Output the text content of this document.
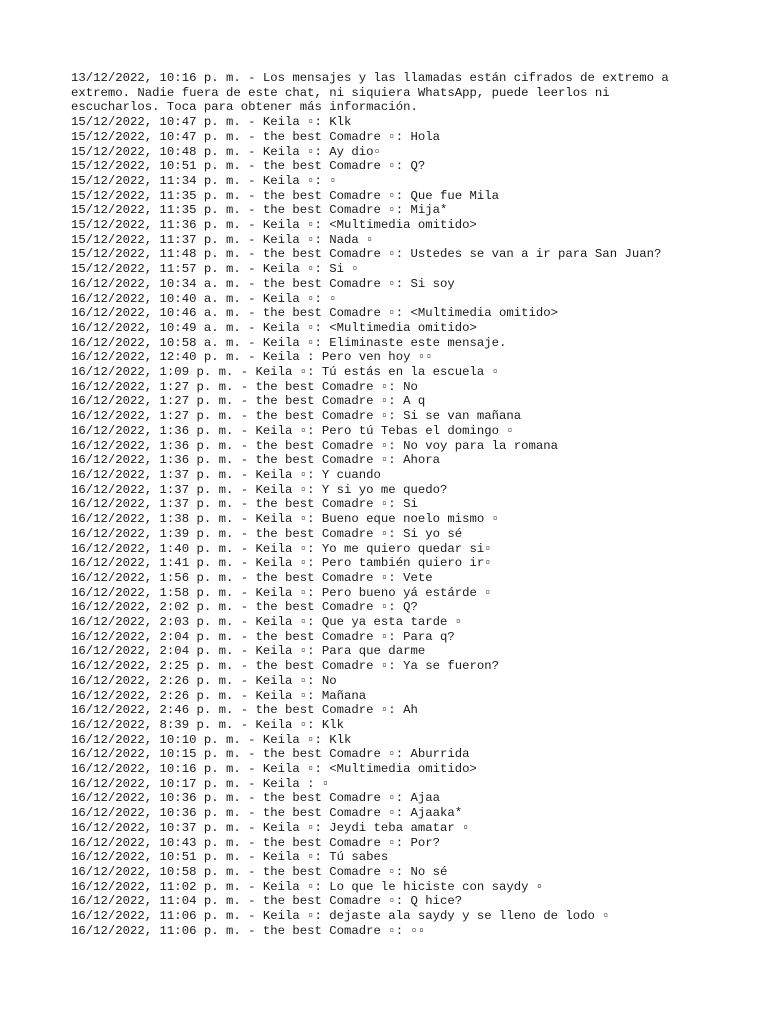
13/12/2022, 10:16 p. m. - Los mensajes y las llamadas están cifrados de extremo a extremo. Nadie fuera de este chat, ni siquiera WhatsApp, puede leerlos ni escucharlos. Toca para obtener más información.

15/12/2022, 10:47 p. m. - Keila ▫: Klk
15/12/2022, 10:47 p. m. - the best Comadre ▫: Hola
15/12/2022, 10:48 p. m. - Keila ▫: Ay dio▫
15/12/2022, 10:51 p. m. - the best Comadre ▫: Q?
15/12/2022, 11:34 p. m. - Keila ▫: ▫
15/12/2022, 11:35 p. m. - the best Comadre ▫: Que fue Mila
15/12/2022, 11:35 p. m. - the best Comadre ▫: Mija*
15/12/2022, 11:36 p. m. - Keila ▫: <Multimedia omitido>
15/12/2022, 11:37 p. m. - Keila ▫: Nada ▫
15/12/2022, 11:48 p. m. - the best Comadre ▫: Ustedes se van a ir para San Juan?
15/12/2022, 11:57 p. m. - Keila ▫: Si ▫
16/12/2022, 10:34 a. m. - the best Comadre ▫: Si soy
16/12/2022, 10:40 a. m. - Keila ▫: ▫
16/12/2022, 10:46 a. m. - the best Comadre ▫: <Multimedia omitido>
16/12/2022, 10:49 a. m. - Keila ▫: <Multimedia omitido>
16/12/2022, 10:58 a. m. - Keila ▫: Eliminaste este mensaje.
16/12/2022, 12:40 p. m. - Keila : Pero ven hoy ▫▫
16/12/2022, 1:09 p. m. - Keila ▫: Tú estás en la escuela ▫
16/12/2022, 1:27 p. m. - the best Comadre ▫: No
16/12/2022, 1:27 p. m. - the best Comadre ▫: A q
16/12/2022, 1:27 p. m. - the best Comadre ▫: Si se van mañana
16/12/2022, 1:36 p. m. - Keila ▫: Pero tú Tebas el domingo ▫
16/12/2022, 1:36 p. m. - the best Comadre ▫: No voy para la romana
16/12/2022, 1:36 p. m. - the best Comadre ▫: Ahora
16/12/2022, 1:37 p. m. - Keila ▫: Y cuando
16/12/2022, 1:37 p. m. - Keila ▫: Y si yo me quedo?
16/12/2022, 1:37 p. m. - the best Comadre ▫: Si
16/12/2022, 1:38 p. m. - Keila ▫: Bueno eque noelo mismo ▫
16/12/2022, 1:39 p. m. - the best Comadre ▫: Si yo sé
16/12/2022, 1:40 p. m. - Keila ▫: Yo me quiero quedar si▫
16/12/2022, 1:41 p. m. - Keila ▫: Pero también quiero ir▫
16/12/2022, 1:56 p. m. - the best Comadre ▫: Vete
16/12/2022, 1:58 p. m. - Keila ▫: Pero bueno yá estárde ▫
16/12/2022, 2:02 p. m. - the best Comadre ▫: Q?
16/12/2022, 2:03 p. m. - Keila ▫: Que ya esta tarde ▫
16/12/2022, 2:04 p. m. - the best Comadre ▫: Para q?
16/12/2022, 2:04 p. m. - Keila ▫: Para que darme
16/12/2022, 2:25 p. m. - the best Comadre ▫: Ya se fueron?
16/12/2022, 2:26 p. m. - Keila ▫: No
16/12/2022, 2:26 p. m. - Keila ▫: Mañana
16/12/2022, 2:46 p. m. - the best Comadre ▫: Ah
16/12/2022, 8:39 p. m. - Keila ▫: Klk
16/12/2022, 10:10 p. m. - Keila ▫: Klk
16/12/2022, 10:15 p. m. - the best Comadre ▫: Aburrida
16/12/2022, 10:16 p. m. - Keila ▫: <Multimedia omitido>
16/12/2022, 10:17 p. m. - Keila : ▫
16/12/2022, 10:36 p. m. - the best Comadre ▫: Ajaa
16/12/2022, 10:36 p. m. - the best Comadre ▫: Ajaaka*
16/12/2022, 10:37 p. m. - Keila ▫: Jeydi teba amatar ▫
16/12/2022, 10:43 p. m. - the best Comadre ▫: Por?
16/12/2022, 10:51 p. m. - Keila ▫: Tú sabes
16/12/2022, 10:58 p. m. - the best Comadre ▫: No sé
16/12/2022, 11:02 p. m. - Keila ▫: Lo que le hiciste con saydy ▫
16/12/2022, 11:04 p. m. - the best Comadre ▫: Q hice?
16/12/2022, 11:06 p. m. - Keila ▫: dejaste ala saydy y se lleno de lodo ▫
16/12/2022, 11:06 p. m. - the best Comadre ▫: ▫▫
